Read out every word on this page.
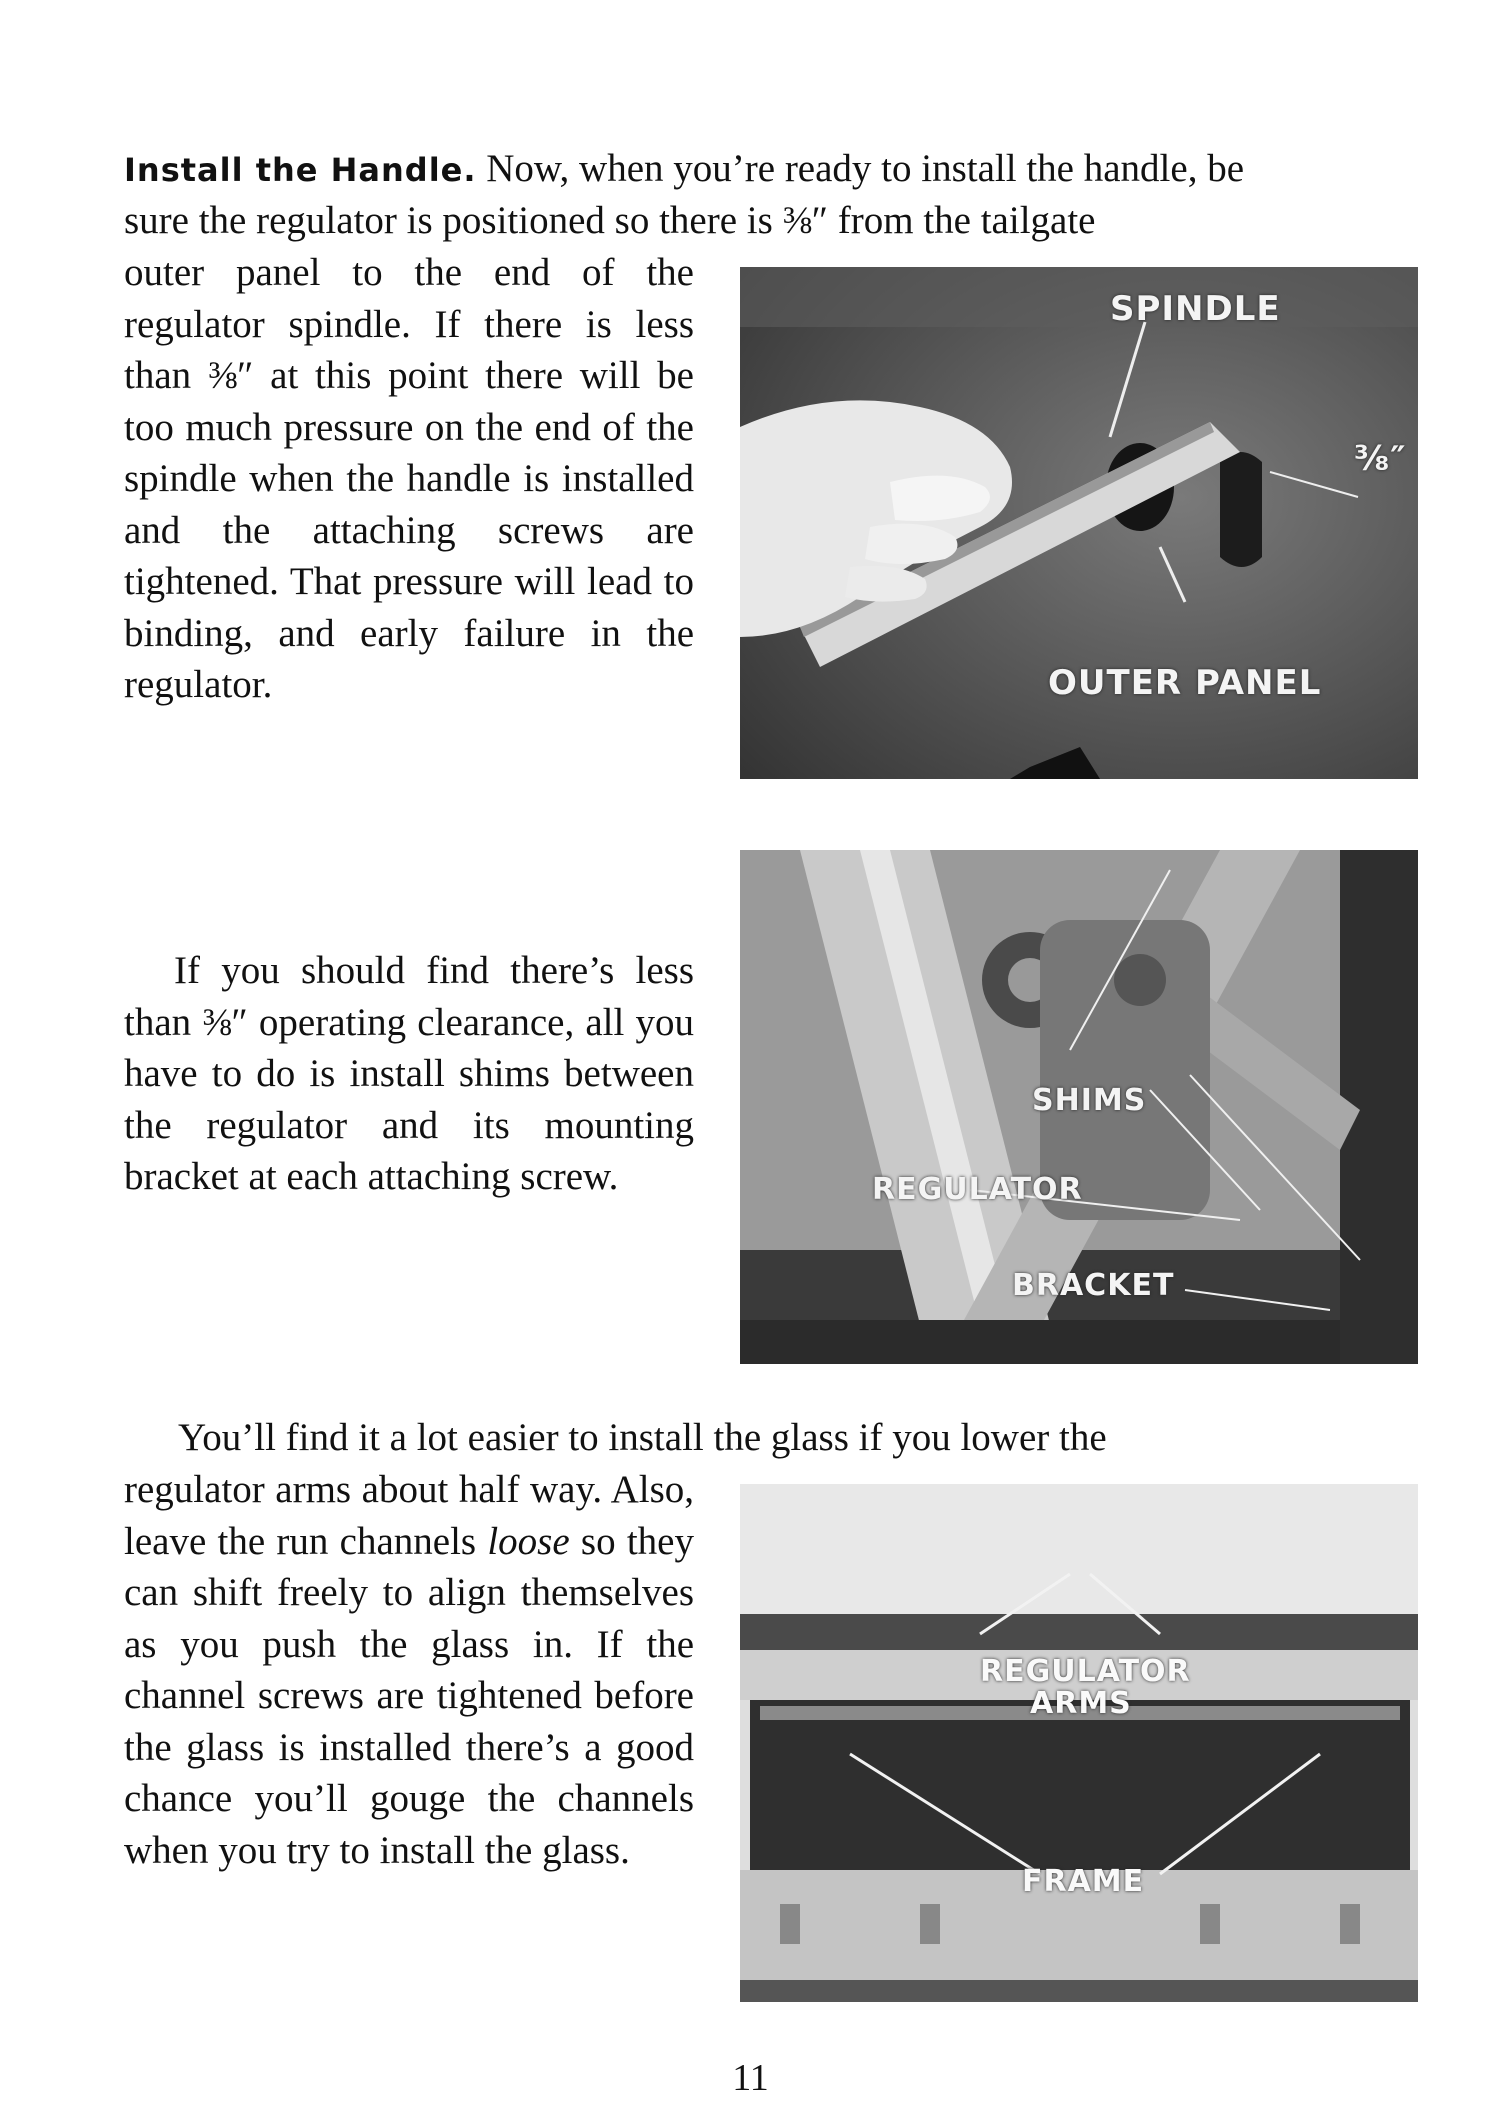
Install the Handle. Now, when you’re ready to install the handle, be

sure the regulator is positioned so there is ⅜″ from the tailgate

outer panel to the end of the regulator spindle. If there is less than ⅜″ at this point there will be too much pressure on the end of the spindle when the handle is installed and the attaching screws are tightened. That pressure will lead to binding, and early failure in the regulator.

SPINDLE
⅜″
OUTER PANEL

If you should find there’s less than ⅜″ operating clearance, all you have to do is install shims between the regulator and its mounting bracket at each attaching screw.

SHIMS
REGULATOR
BRACKET

You’ll find it a lot easier to install the glass if you lower the

regulator arms about half way. Also, leave the run channels loose so they can shift freely to align themselves as you push the glass in. If the channel screws are tightened before the glass is installed there’s a good chance you’ll gouge the channels when you try to install the glass.

REGULATOR
ARMS
FRAME
11
